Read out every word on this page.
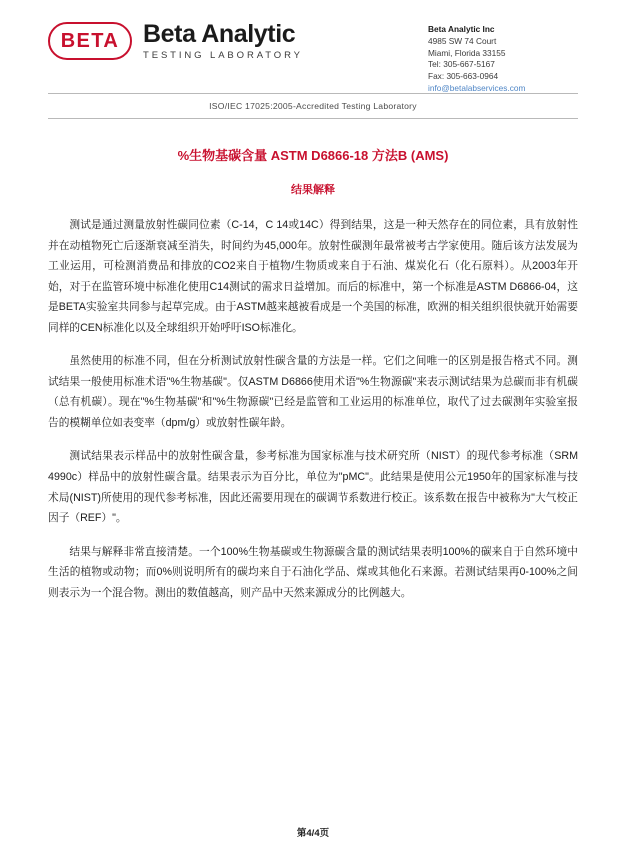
BETA Beta Analytic
TESTING LABORATORY
Beta Analytic Inc
4985 SW 74 Court
Miami, Florida 33155
Tel: 305-667-5167
Fax: 305-663-0964
info@betalabservices.com
ISO/IEC 17025:2005-Accredited Testing Laboratory
%生物基碳含量 ASTM D6866-18 方法B (AMS)
结果解释

测试是通过测量放射性碳同位素（C-14，C 14或14C）得到结果，这是一种天然存在的同位素，具有放射性并在动植物死亡后逐渐衰减至消失，时间约为45,000年。放射性碳测年最常被考古学家使用。随后该方法发展为工业运用，可检测消费品和排放的CO2来自于植物/生物质或来自于石油、煤炭化石（化石原料）。从2003年开始，对于在监管环境中标准化使用C14测试的需求日益增加。而后的标准中，第一个标准是ASTM D6866-04，这是BETA实验室共同参与起草完成。由于ASTM越来越被看成是一个美国的标准，欧洲的相关组织很快就开始需要同样的CEN标准化以及全球组织开始呼吁ISO标准化。

虽然使用的标准不同，但在分析测试放射性碳含量的方法是一样。它们之间唯一的区别是报告格式不同。测试结果一般使用标准术语"%生物基碳"。仅ASTM D6866使用术语"%生物源碳"来表示测试结果为总碳而非有机碳（总有机碳）。现在"%生物基碳"和"%生物源碳"已经是监管和工业运用的标准单位，取代了过去碳测年实验室报告的模糊单位如表变率（dpm/g）或放射性碳年龄。

测试结果表示样品中的放射性碳含量，参考标准为国家标准与技术研究所（NIST）的现代参考标准（SRM 4990c）样品中的放射性碳含量。结果表示为百分比，单位为"pMC"。此结果是使用公元1950年的国家标准与技术局(NIST)所使用的现代参考标准，因此还需要用现在的碳调节系数进行校正。该系数在报告中被称为"大气校正因子（REF）"。

结果与解释非常直接清楚。一个100%生物基碳或生物源碳含量的测试结果表明100%的碳来自于自然环境中生活的植物或动物；而0%则说明所有的碳均来自于石油化学品、煤或其他化石来源。若测试结果再0-100%之间则表示为一个混合物。测出的数值越高，则产品中天然来源成分的比例越大。

第4/4页
